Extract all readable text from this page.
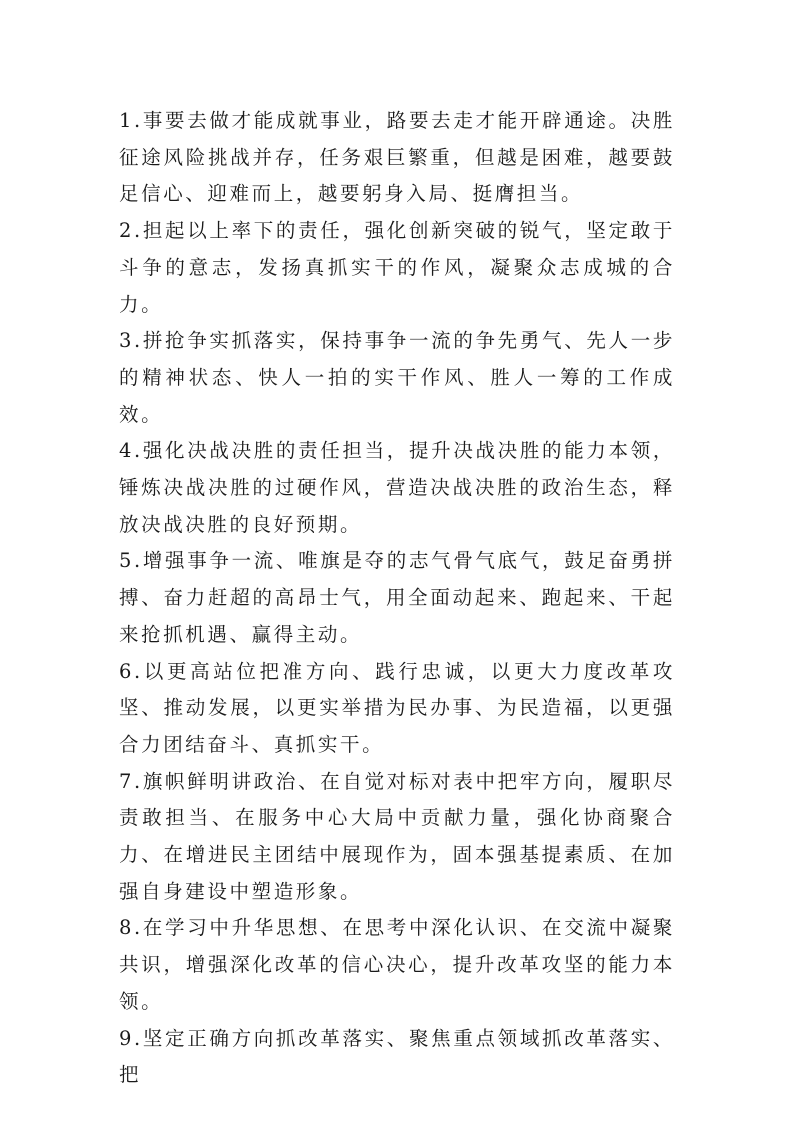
1.事要去做才能成就事业，路要去走才能开辟通途。决胜征途风险挑战并存，任务艰巨繁重，但越是困难，越要鼓足信心、迎难而上，越要躬身入局、挺膺担当。

2.担起以上率下的责任，强化创新突破的锐气，坚定敢于斗争的意志，发扬真抓实干的作风，凝聚众志成城的合力。

3.拼抢争实抓落实，保持事争一流的争先勇气、先人一步的精神状态、快人一拍的实干作风、胜人一筹的工作成效。

4.强化决战决胜的责任担当，提升决战决胜的能力本领，锤炼决战决胜的过硬作风，营造决战决胜的政治生态，释放决战决胜的良好预期。

5.增强事争一流、唯旗是夺的志气骨气底气，鼓足奋勇拼搏、奋力赶超的高昂士气，用全面动起来、跑起来、干起来抢抓机遇、赢得主动。

6.以更高站位把准方向、践行忠诚，以更大力度改革攻坚、推动发展，以更实举措为民办事、为民造福，以更强合力团结奋斗、真抓实干。

7.旗帜鲜明讲政治、在自觉对标对表中把牢方向，履职尽责敢担当、在服务中心大局中贡献力量，强化协商聚合力、在增进民主团结中展现作为，固本强基提素质、在加强自身建设中塑造形象。

8.在学习中升华思想、在思考中深化认识、在交流中凝聚共识，增强深化改革的信心决心，提升改革攻坚的能力本领。

9.坚定正确方向抓改革落实、聚焦重点领域抓改革落实、把
